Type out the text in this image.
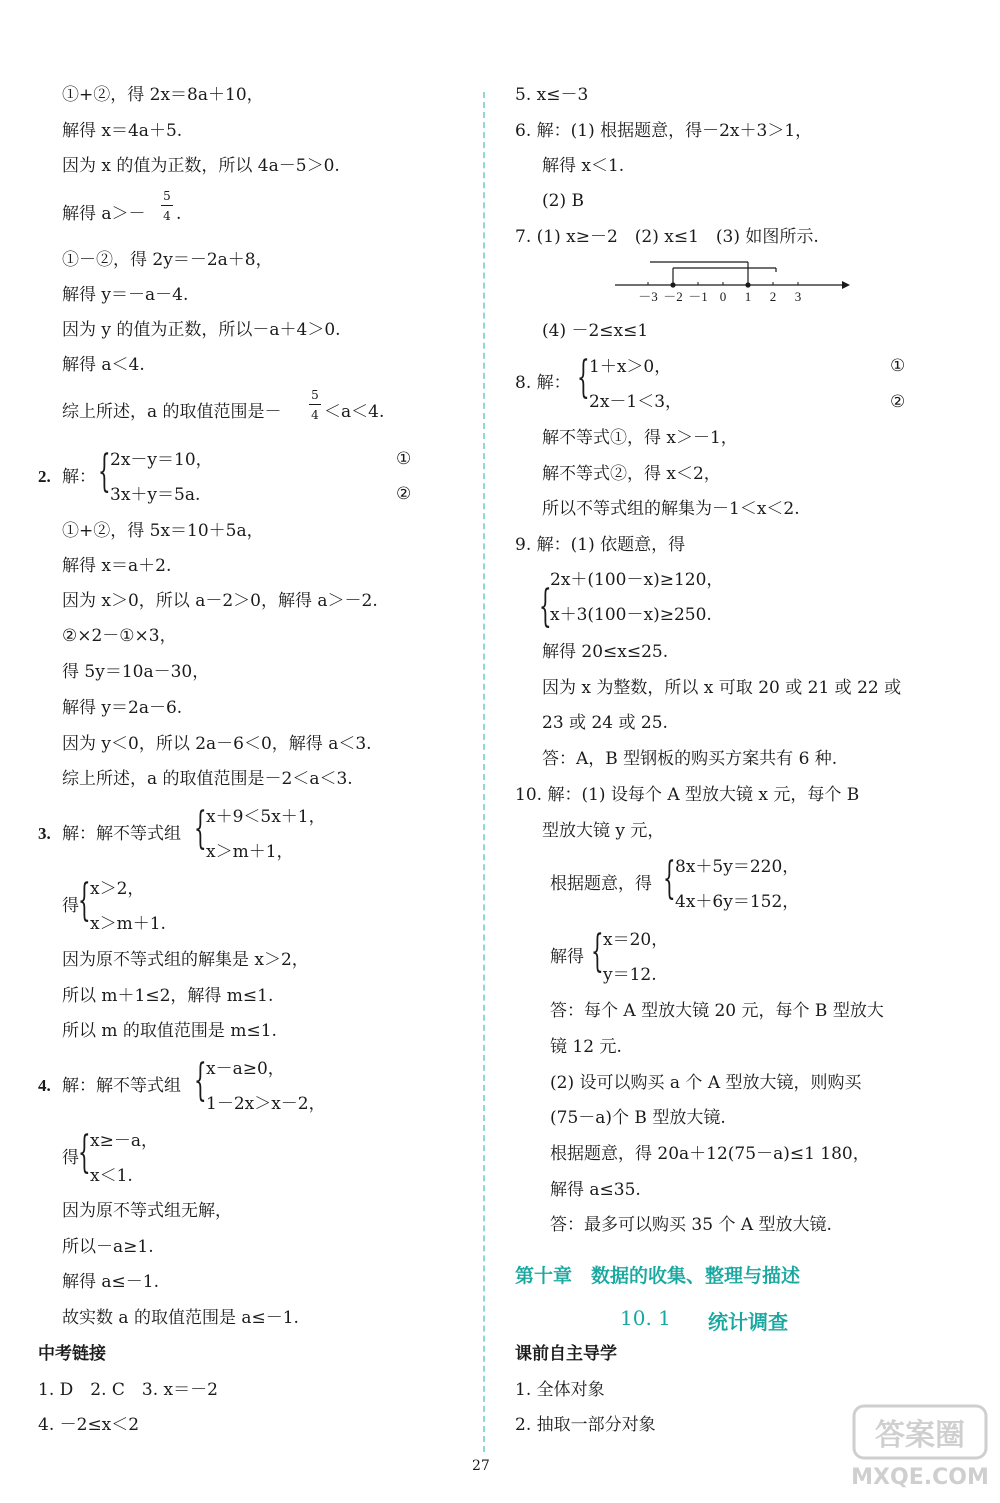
①+②，得 2x＝8a＋10，
解得 x＝4a＋5.
因为 x 的值为正数，所以 4a－5＞0.
解得 a＞－
5
4 .
①－②，得 2y＝－2a＋8，
解得 y＝－a－4.
因为 y 的值为正数，所以－a＋4＞0.
解得 a＜4.
综上所述，a 的取值范围是－
5
4 ＜a＜4.
2. 解： { 2x－y＝10，
3x＋y＝5a.
①
②
①+②，得 5x＝10＋5a，
解得 x＝a＋2.
因为 x＞0，所以 a－2＞0，解得 a＞－2.
②×2－①×3，
得 5y＝10a－30，
解得 y＝2a－6.
因为 y＜0，所以 2a－6＜0，解得 a＜3.
综上所述，a 的取值范围是－2＜a＜3.
3. 解：解不等式组 { x＋9＜5x＋1，
x＞m＋1，
得 { x＞2，
x＞m＋1.
因为原不等式组的解集是 x＞2，
所以 m＋1≤2，解得 m≤1.
所以 m 的取值范围是 m≤1.
4. 解：解不等式组 { x－a≥0，
1－2x＞x－2，
得 { x≥－a，
x＜1.
因为原不等式组无解，
所以－a≥1.
解得 a≤－1.
故实数 a 的取值范围是 a≤－1.
中考链接
1. D　2. C　3. x＝－2
4. －2≤x＜2
5. x≤－3
6. 解：(1) 根据题意，得－2x＋3＞1，
解得 x＜1.
(2) B
7. (1) x≥－2　(2) x≤1　(3) 如图所示.
－3 －2 －1 0 1 2 3
(4) －2≤x≤1
8. 解： { 1＋x＞0，
2x－1＜3，
①
②
解不等式①，得 x＞－1，
解不等式②，得 x＜2，
所以不等式组的解集为－1＜x＜2.
9. 解：(1) 依题意，得
{
2x＋(100－x)≥120，
x＋3(100－x)≥250.
解得 20≤x≤25.
因为 x 为整数，所以 x 可取 20 或 21 或 22 或
23 或 24 或 25.
答：A，B 型钢板的购买方案共有 6 种.
10. 解：(1) 设每个 A 型放大镜 x 元，每个 B
型放大镜 y 元，
根据题意，得 { 8x＋5y＝220，
4x＋6y＝152，
解得 { x＝20，
y＝12.
答：每个 A 型放大镜 20 元，每个 B 型放大
镜 12 元.
(2) 设可以购买 a 个 A 型放大镜，则购买
(75－a)个 B 型放大镜.
根据题意，得 20a＋12(75－a)≤1 180，
解得 a≤35.
答：最多可以购买 35 个 A 型放大镜.
第十章　数据的收集、整理与描述
10. 1 统计调查
课前自主导学
1. 全体对象
2. 抽取一部分对象
27
答案圈
MXQE.COM
